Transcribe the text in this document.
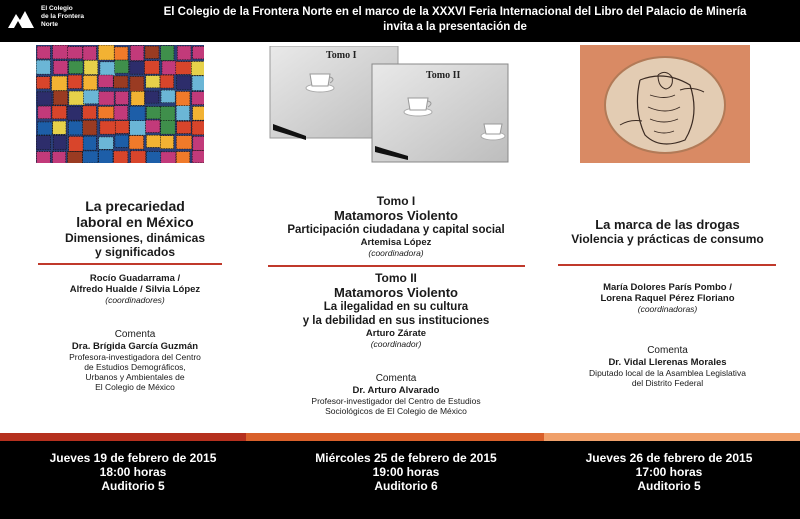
El Colegio
de la Frontera
Norte
El Colegio de la Frontera Norte en el marco de la XXXVI Feria Internacional del Libro del Palacio de Minería
invita a la presentación de
Tomo I
Tomo II
La precariedad
laboral en México
Dimensiones, dinámicas
y significados
Rocío Guadarrama /
Alfredo Hualde / Silvia López
(coordinadores)
Comenta
Dra. Brígida García Guzmán
Profesora-investigadora del Centro
de Estudios Demográficos,
Urbanos y Ambientales de
El Colegio de México
Tomo I
Matamoros Violento
Participación ciudadana y capital social
Artemisa López
(coordinadora)
Tomo II
Matamoros Violento
La ilegalidad en su cultura
y la debilidad en sus instituciones
Arturo Zárate
(coordinador)
Comenta
Dr. Arturo Alvarado
Profesor-investigador del Centro de Estudios
Sociológicos de El Colegio de México
La marca de las drogas
Violencia y prácticas de consumo
María Dolores París Pombo /
Lorena Raquel Pérez Floriano
(coordinadoras)
Comenta
Dr. Vidal Llerenas Morales
Diputado local de la Asamblea Legislativa
del Distrito Federal
Jueves 19 de febrero de 2015
18:00 horas
Auditorio 5
Miércoles 25 de febrero de 2015
19:00 horas
Auditorio 6
Jueves 26 de febrero de 2015
17:00 horas
Auditorio 5
